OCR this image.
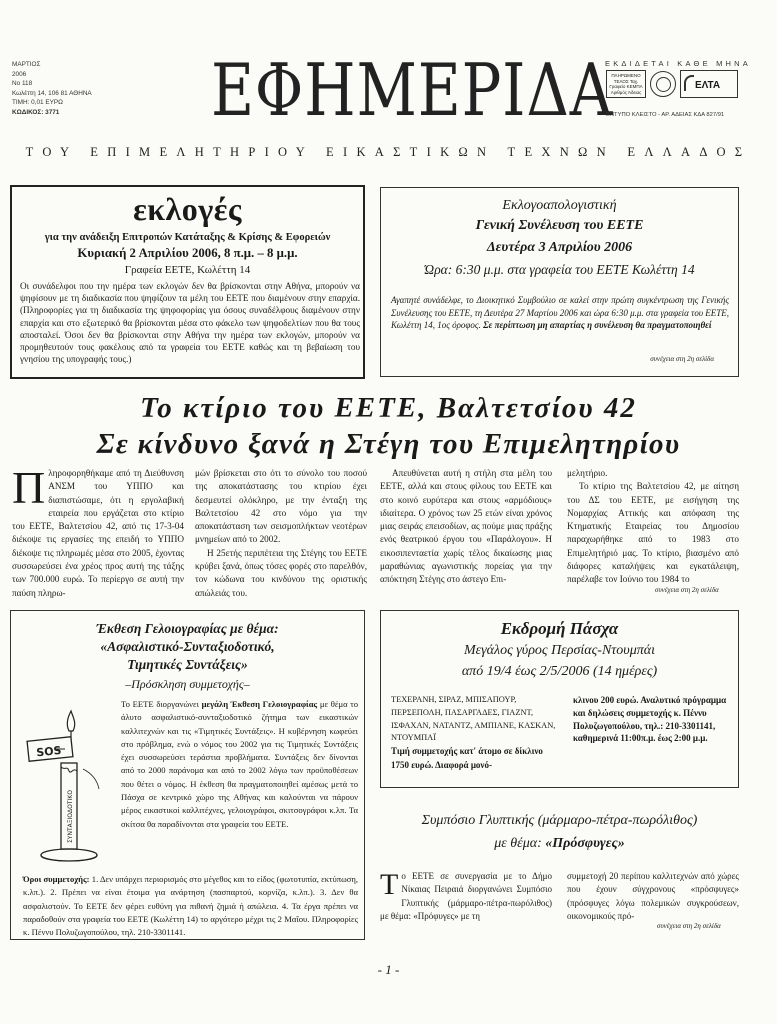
ΜΑΡΤΙΟΣ
2006
Νο 118
Κωλέττη 14, 106 81 ΑΘΗΝΑ
ΤΙΜΗ: 0,01 ΕΥΡΩ
ΚΩΔΙΚΟΣ: 3771	ΕΦΗΜΕΡΙΔΑ
ΕΚΔΙΔΕΤΑΙ ΚΑΘΕ ΜΗΝΑ
ΠΛΗΡΩΜΕΝΟ ΤΕΛΟΣ Ταχ. Γραφείο ΚΕΜΠΑ Αριθμός Άδειας
ΕΛΤΑ
ΕΝΤΥΠΟ ΚΛΕΙΣΤΟ - ΑΡ. ΑΔΕΙΑΣ ΚΔΑ 827/91
ΤΟΥ ΕΠΙΜΕΛΗΤΗΡΙΟΥ ΕΙΚΑΣΤΙΚΩΝ ΤΕΧΝΩΝ ΕΛΛΑΔΟΣ
εκλογές
για την ανάδειξη Επιτροπών Κατάταξης & Κρίσης & Εφορειών
Κυριακή 2 Απριλίου 2006, 8 π.μ. – 8 μ.μ.
Γραφεία ΕΕΤΕ, Κωλέττη 14
Οι συνάδελφοι που την ημέρα των εκλογών δεν θα βρίσκονται στην Αθήνα, μπορούν να ψηφίσουν με τη διαδικασία που ψηφίζουν τα μέλη του ΕΕΤΕ που διαμένουν στην επαρχία. (Πληροφορίες για τη διαδικασία της ψηφοφορίας για όσους συναδέλφους διαμένουν στην επαρχία και στο εξωτερικό θα βρίσκονται μέσα στο φάκελο των ψηφοδελτίων που θα τους αποσταλεί. Όσοι δεν θα βρίσκονται στην Αθήνα την ημέρα των εκλογών, μπορούν να προμηθευτούν τους φακέλους από τα γραφεία του ΕΕΤΕ καθώς και τη βεβαίωση του γνησίου της υπογραφής τους.)
Εκλογοαπολογιστική
Γενική Συνέλευση του ΕΕΤΕ
Δευτέρα 3 Απριλίου 2006
Ώρα: 6:30 μ.μ. στα γραφεία του ΕΕΤΕ Κωλέττη 14
Αγαπητέ συνάδελφε, το Διοικητικό Συμβούλιο σε καλεί στην πρώτη συγκέντρωση της Γενικής Συνέλευσης του ΕΕΤΕ, τη Δευτέρα 27 Μαρτίου 2006 και ώρα 6:30 μ.μ. στα γραφεία του ΕΕΤΕ, Κωλέττη 14, 1ος όροφος. Σε περίπτωση μη απαρτίας η συνέλευση θα πραγματοποιηθεί
συνέχεια στη 2η σελίδα
Το κτίριο του ΕΕΤΕ, Βαλτετσίου 42
Σε κίνδυνο ξανά η Στέγη του Επιμελητηρίου
Π ληροφορηθήκαμε από τη Διεύθυνση ΑΝΣΜ του ΥΠΠΟ και διαπιστώσαμε, ότι η εργολαβική εταιρεία που εργάζεται στο κτίριο του ΕΕΤΕ, Βαλτετσίου 42, από τις 17-3-04 διέκοψε τις εργασίες της επειδή το ΥΠΠΟ διέκοψε τις πληρωμές μέσα στο 2005, έχοντας συσσωρεύσει ένα χρέος προς αυτή της τάξης των 700.000 ευρώ. Το περίεργο σε αυτή την παύση πληρω-

μών βρίσκεται στο ότι το σύνολο του ποσού της αποκατάστασης του κτιρίου έχει δεσμευτεί ολόκληρο, με την ένταξη της Βαλτετσίου 42 στο νόμο για την αποκατάσταση των σεισμοπλήκτων νεοτέρων μνημείων από το 2002.

Η 25ετής περιπέτεια της Στέγης του ΕΕΤΕ κρύβει ξανά, όπως τόσες φορές στο παρελθόν, τον κώδωνα του κινδύνου της οριστικής απώλειάς του.

Απευθύνεται αυτή η στήλη στα μέλη του ΕΕΤΕ, αλλά και στους φίλους του ΕΕΤΕ και στο κοινό ευρύτερα και στους «αρμόδιους» ιδιαίτερα. Ο χρόνος των 25 ετών είναι χρόνος μιας σειράς επεισοδίων, ας πούμε μιας πράξης ενός θεατρικού έργου του «Παράλογου». Η εικοσιπενταετία χωρίς τέλος δικαίωσης μιας μαραθώνιας αγωνιστικής πορείας για την απόκτηση Στέγης στο άστεγο Επι-

μελητήριο.

Το κτίριο της Βαλτετσίου 42, με αίτηση του ΔΣ του ΕΕΤΕ, με εισήγηση της Νομαρχίας Αττικής και απόφαση της Κτηματικής Εταιρείας του Δημοσίου παραχωρήθηκε από το 1983 στο Επιμελητήριό μας. Το κτίριο, βιασμένο από διάφορες καταλήψεις και εγκατάλειψη, παρέλαβε τον Ιούνιο του 1984 το

συνέχεια στη 2η σελίδα
Έκθεση Γελοιογραφίας με θέμα:
«Ασφαλιστικό-Συνταξιοδοτικό,
Τιμητικές Συντάξεις»
–Πρόσκληση συμμετοχής–
SOS
ΣΥΝΤΑΞΙΟΔΟΤΙΚΟ
Το ΕΕΤΕ διοργανώνει μεγάλη Έκθεση Γελοιογραφίας με θέμα το άλυτο ασφαλιστικό-συνταξιοδοτικό ζήτημα των εικαστικών καλλιτεχνών και τις «Τιμητικές Συντάξεις». Η κυβέρνηση κωφεύει στο πρόβλημα, ενώ ο νόμος του 2002 για τις Τιμητικές Συντάξεις έχει συσσωρεύσει τεράστια προβλήματα. Συντάξεις δεν δίνονται από το 2000 παράνομα και από το 2002 λόγω των προϋποθέσεων που θέτει ο νόμος. Η έκθεση θα πραγματοποιηθεί αμέσως μετά το Πάσχα σε κεντρικό χώρο της Αθήνας και καλούνται να πάρουν μέρος εικαστικοί καλλιτέχνες, γελοιογράφοι, σκιτσογράφοι κ.λπ. Τα σκίτσα θα παραδίνονται στα γραφεία του ΕΕΤΕ.
Όροι συμμετοχής: 1. Δεν υπάρχει περιορισμός στο μέγεθος και το είδος (φωτοτυπία, εκτύπωση, κ.λπ.). 2. Πρέπει να είναι έτοιμα για ανάρτηση (πασπαρτού, κορνίζα, κ.λπ.). 3. Δεν θα ασφαλιστούν. Το ΕΕΤΕ δεν φέρει ευθύνη για πιθανή ζημιά ή απώλεια. 4. Τα έργα πρέπει να παραδοθούν στα γραφεία του ΕΕΤΕ (Κωλέττη 14) το αργότερο μέχρι τις 2 Μαΐου. Πληροφορίες κ. Πέννυ Πολυζωγοπούλου, τηλ. 210-3301141.
Εκδρομή Πάσχα
Μεγάλος γύρος Περσίας-Ντουμπάι
από 19/4 έως 2/5/2006 (14 ημέρες)

ΤΕΧΕΡΑΝΗ, ΣΙΡΑΖ, ΜΠΙΣΑΠΟΥΡ, ΠΕΡΣΕΠΟΛΗ, ΠΑΣΑΡΓΑΔΕΣ, ΓΙΑΖΝΤ, ΙΣΦΑΧΑΝ, ΝΑΤΑΝΤΖ, ΑΜΠΙΑΝΕ, ΚΑΣΚΑΝ, ΝΤΟΥΜΠΑΪ

Τιμή συμμετοχής κατ' άτομο σε δίκλινο 1750 ευρώ. Διαφορά μονό-
κλινου 200 ευρώ. Αναλυτικό πρόγραμμα και δηλώσεις συμμετοχής κ. Πέννυ Πολυζωγοπούλου, τηλ.: 210-3301141, καθημερινά 11:00π.μ. έως 2:00 μ.μ.
Συμπόσιο Γλυπτικής (μάρμαρο-πέτρα-πωρόλιθος)
με θέμα: «Πρόσφυγες»
Τ ο ΕΕΤΕ σε συνεργασία με το Δήμο Νίκαιας Πειραιά διοργανώνει Συμπόσιο Γλυπτικής (μάρμαρο-πέτρα-πωρόλιθος) με θέμα: «Πρόφυγες» με τη
συμμετοχή 20 περίπου καλλιτεχνών από χώρες που έχουν σύγχρονους «πρόσφυγες» (πρόσφυγες λόγω πολεμικών συγκρούσεων, οικονομικούς πρό-
συνέχεια στη 2η σελίδα
- 1 -
